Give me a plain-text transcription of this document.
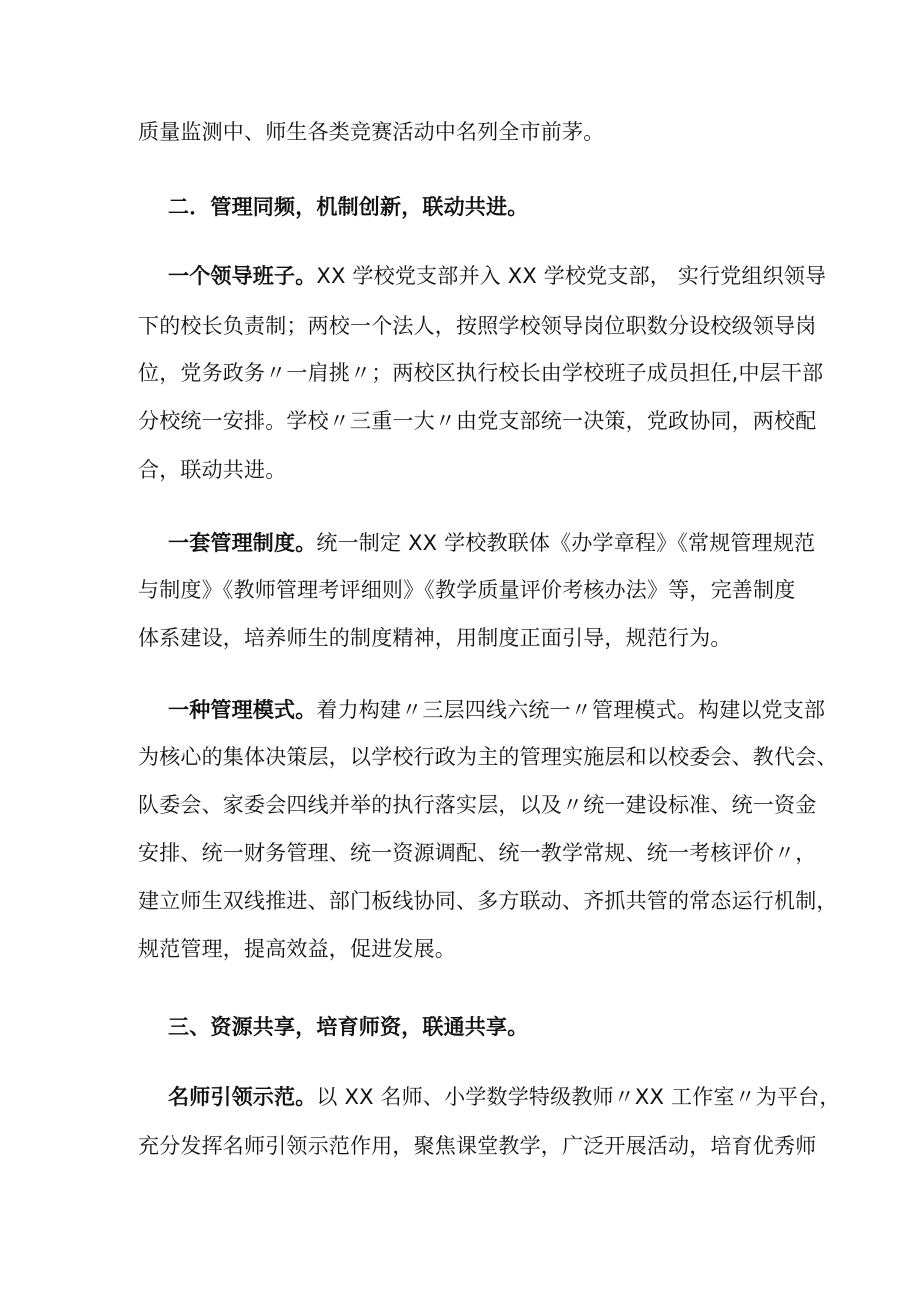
质量监测中、师生各类竞赛活动中名列全市前茅。
二．管理同频，机制创新，联动共进。
一个领导班子。XX 学校党支部并入 XX 学校党支部， 实行党组织领导
下的校长负责制；两校一个法人，按照学校领导岗位职数分设校级领导岗
位，党务政务〃一肩挑〃；两校区执行校长由学校班子成员担任,中层干部
分校统一安排。学校〃三重一大〃由党支部统一决策，党政协同，两校配
合，联动共进。
一套管理制度。统一制定 XX 学校教联体《办学章程》《常规管理规范
与制度》《教师管理考评细则》《教学质量评价考核办法》等，完善制度
体系建设，培养师生的制度精神，用制度正面引导，规范行为。
一种管理模式。着力构建〃三层四线六统一〃管理模式。构建以党支部
为核心的集体决策层，以学校行政为主的管理实施层和以校委会、教代会、
队委会、家委会四线并举的执行落实层，以及〃统一建设标准、统一资金
安排、统一财务管理、统一资源调配、统一教学常规、统一考核评价〃，
建立师生双线推进、部门板线协同、多方联动、齐抓共管的常态运行机制，
规范管理，提高效益，促进发展。
三、资源共享，培育师资，联通共享。
名师引领示范。以 XX 名师、小学数学特级教师〃XX 工作室〃为平台，
充分发挥名师引领示范作用，聚焦课堂教学，广泛开展活动，培育优秀师
